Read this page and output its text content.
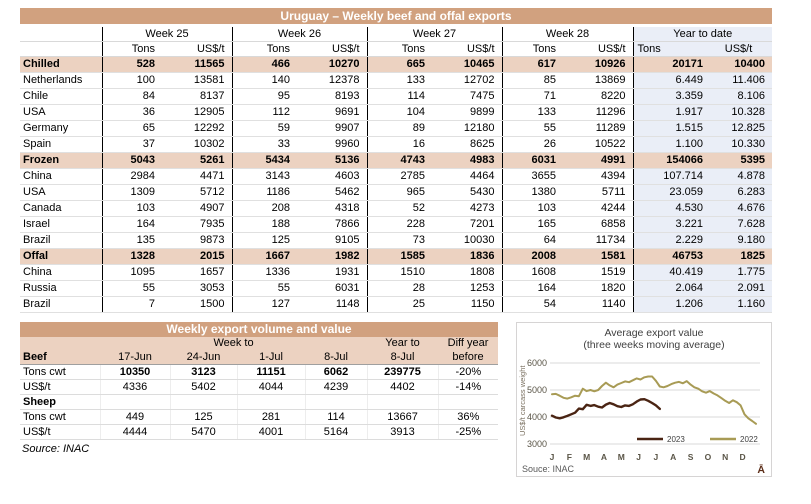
Uruguay – Weekly beef and offal exports
	Week 25		Week 26		Week 27		Week 28		Year to date	
	Tons	US$/t	Tons	US$/t	Tons	US$/t	Tons	US$/t	Tons	US$/t
Chilled	528	11565	466	10270	665	10465	617	10926	20171	10400
Netherlands	100	13581	140	12378	133	12702	85	13869	6.449	11.406
Chile	84	8137	95	8193	114	7475	71	8220	3.359	8.106
USA	36	12905	112	9691	104	9899	133	11296	1.917	10.328
Germany	65	12292	59	9907	89	12180	55	11289	1.515	12.825
Spain	37	10302	33	9960	16	8625	26	10522	1.100	10.330
Frozen	5043	5261	5434	5136	4743	4983	6031	4991	154066	5395
China	2984	4471	3143	4603	2785	4464	3655	4394	107.714	4.878
USA	1309	5712	1186	5462	965	5430	1380	5711	23.059	6.283
Canada	103	4907	208	4318	52	4273	103	4244	4.530	4.676
Israel	164	7935	188	7866	228	7201	165	6858	3.221	7.628
Brazil	135	9873	125	9105	73	10030	64	11734	2.229	9.180
Offal	1328	2015	1667	1982	1585	1836	2008	1581	46753	1825
China	1095	1657	1336	1931	1510	1808	1608	1519	40.419	1.775
Russia	55	3053	55	6031	28	1253	164	1820	2.064	2.091
Brazil	7	1500	127	1148	25	1150	54	1140	1.206	1.160
Weekly export volume and value
	Week to				Year to	Diff year
Beef	17-Jun	24-Jun	1-Jul	8-Jul	8-Jul	before
Tons cwt	10350	3123	11151	6062	239775	-20%
US$/t	4336	5402	4044	4239	4402	-14%
Sheep						
Tons cwt	449	125	281	114	13667	36%
US$/t	4444	5470	4001	5164	3913	-25%
Source: INAC
Average export value
(three weeks moving average)
US$/t carcass weight
3000
4000
5000
6000
J F M A M J J A S O N D
2023	2022
Souce: INAC	Ā
